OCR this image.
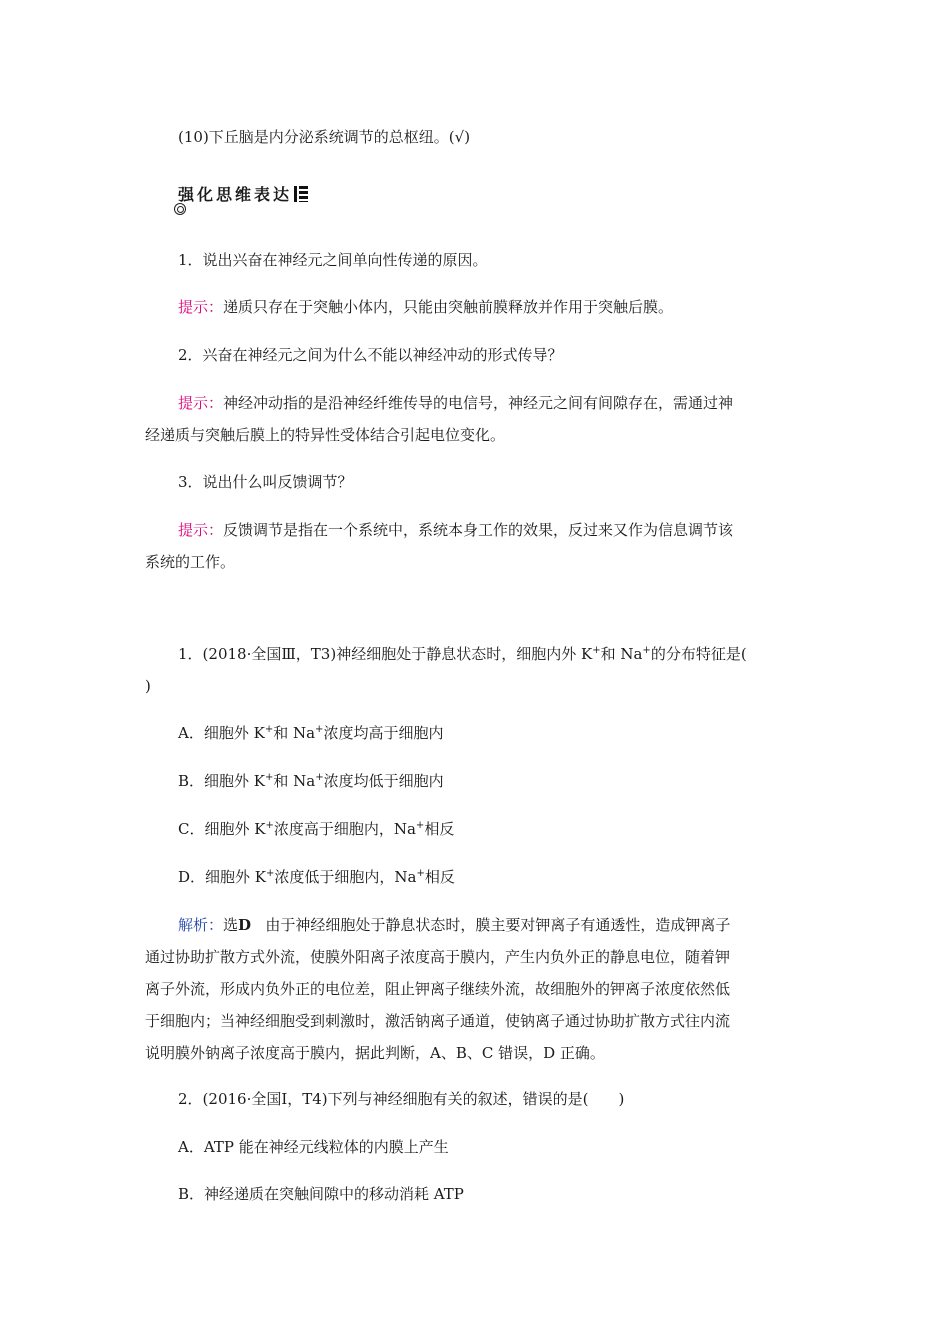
(10)下丘脑是内分泌系统调节的总枢纽。(√)
强化思维表达
1．说出兴奋在神经元之间单向性传递的原因。
提示：递质只存在于突触小体内，只能由突触前膜释放并作用于突触后膜。
2．兴奋在神经元之间为什么不能以神经冲动的形式传导？
提示：神经冲动指的是沿神经纤维传导的电信号，神经元之间有间隙存在，需通过神
经递质与突触后膜上的特异性受体结合引起电位变化。
3．说出什么叫反馈调节？
提示：反馈调节是指在一个系统中，系统本身工作的效果，反过来又作为信息调节该
系统的工作。
1．(2018·全国Ⅲ，T3)神经细胞处于静息状态时，细胞内外 K+和 Na+的分布特征是(
)
A．细胞外 K+和 Na+浓度均高于细胞内
B．细胞外 K+和 Na+浓度均低于细胞内
C．细胞外 K+浓度高于细胞内，Na+相反
D．细胞外 K+浓度低于细胞内，Na+相反
解析：选D 由于神经细胞处于静息状态时，膜主要对钾离子有通透性，造成钾离子
通过协助扩散方式外流，使膜外阳离子浓度高于膜内，产生内负外正的静息电位，随着钾
离子外流，形成内负外正的电位差，阻止钾离子继续外流，故细胞外的钾离子浓度依然低
于细胞内；当神经细胞受到刺激时，激活钠离子通道，使钠离子通过协助扩散方式往内流
说明膜外钠离子浓度高于膜内，据此判断，A、B、C 错误，D 正确。
2．(2016·全国Ⅰ，T4)下列与神经细胞有关的叙述，错误的是(　　)
A．ATP 能在神经元线粒体的内膜上产生
B．神经递质在突触间隙中的移动消耗 ATP
